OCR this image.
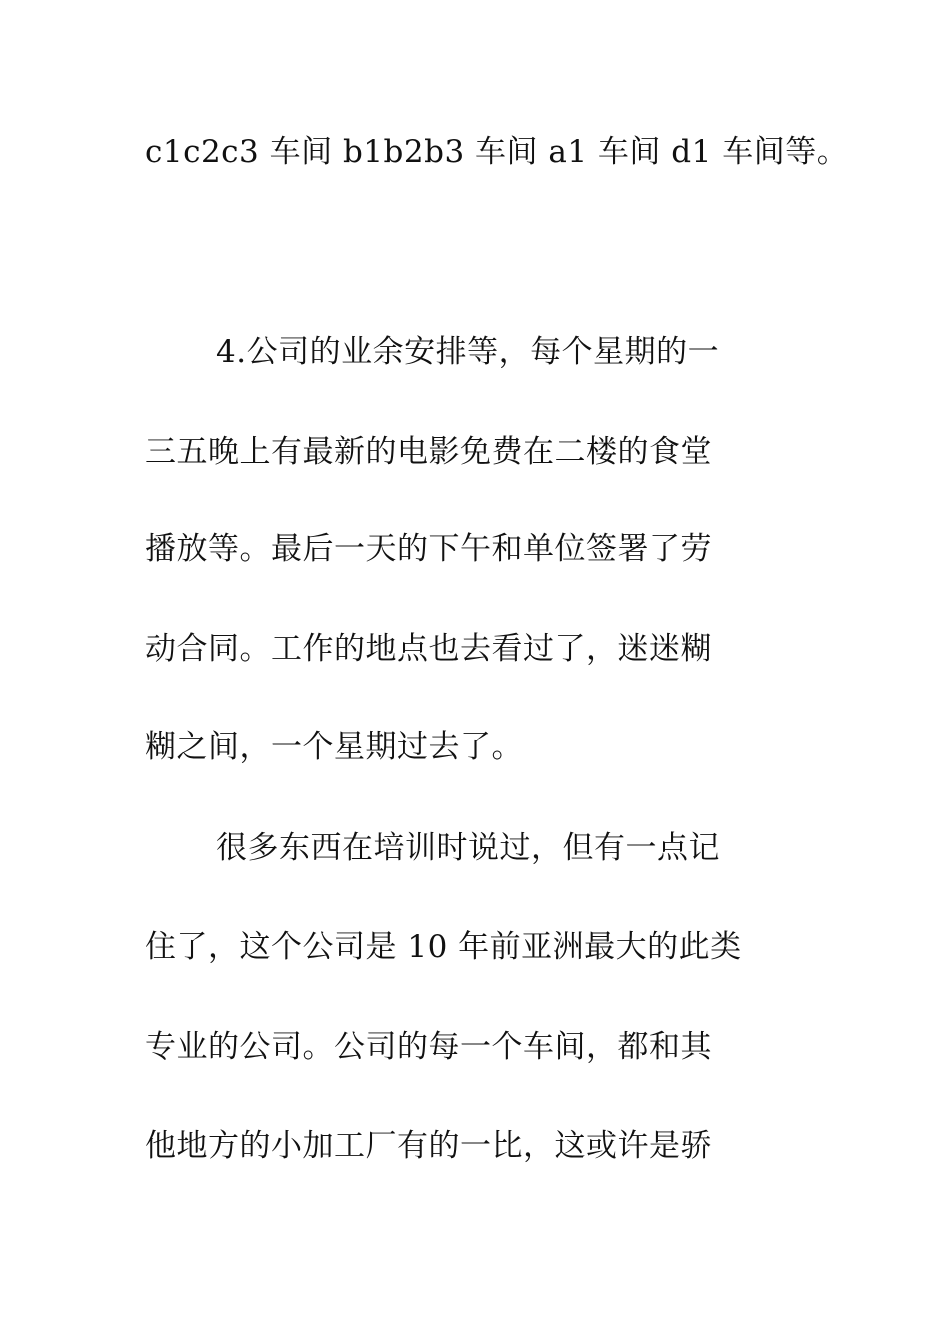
c1c2c3 车间 b1b2b3 车间 a1 车间 d1 车间等。
4.公司的业余安排等，每个星期的一
三五晚上有最新的电影免费在二楼的食堂
播放等。最后一天的下午和单位签署了劳
动合同。工作的地点也去看过了，迷迷糊
糊之间，一个星期过去了。
很多东西在培训时说过，但有一点记
住了，这个公司是 10 年前亚洲最大的此类
专业的公司。公司的每一个车间，都和其
他地方的小加工厂有的一比，这或许是骄
